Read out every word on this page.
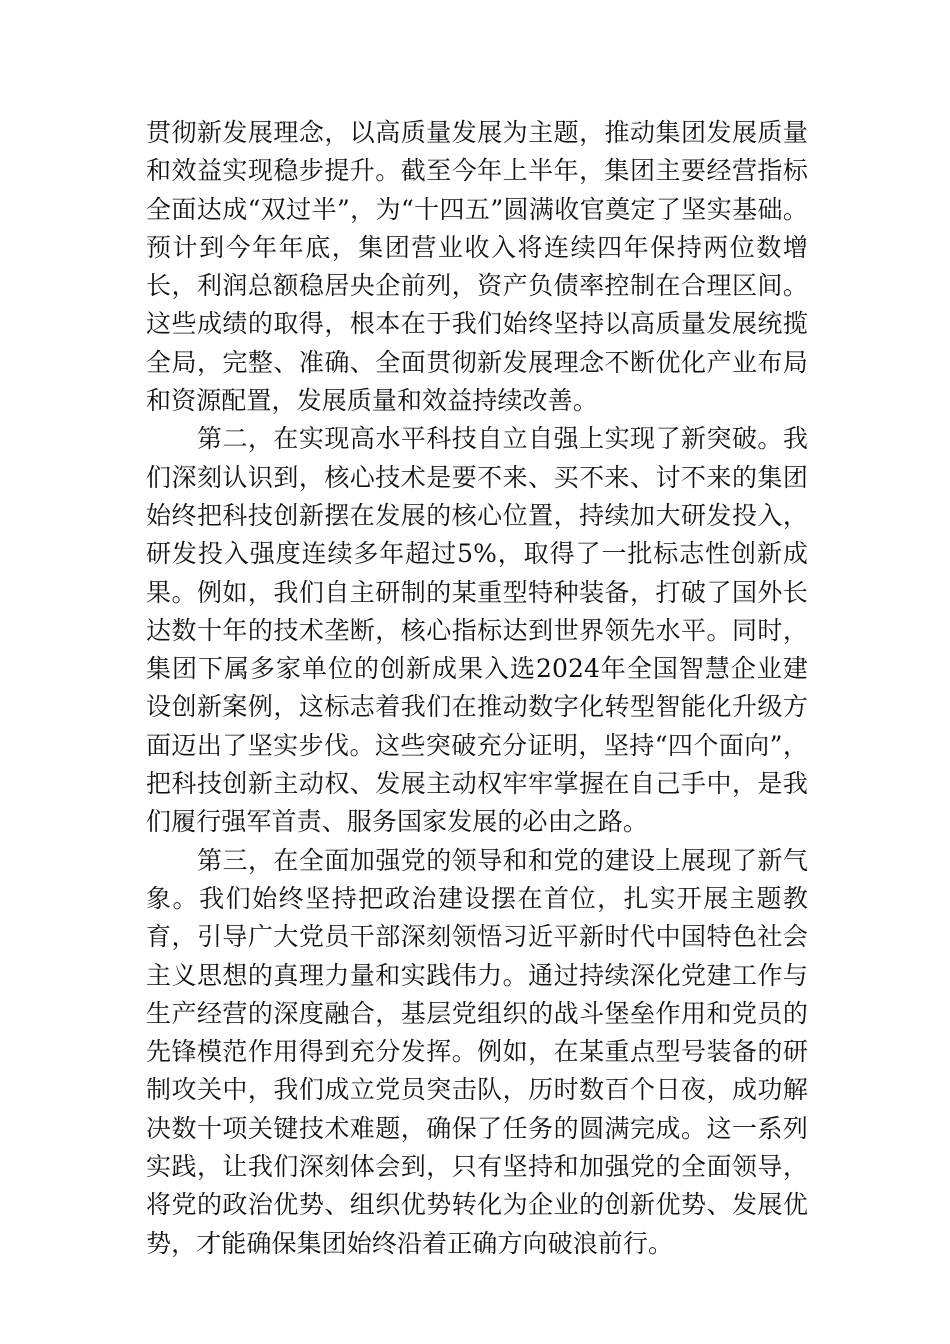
贯彻新发展理念，以高质量发展为主题，推动集团发展质量和效益实现稳步提升。截至今年上半年，集团主要经营指标全面达成“双过半”，为“十四五”圆满收官奠定了坚实基础。预计到今年年底，集团营业收入将连续四年保持两位数增长，利润总额稳居央企前列，资产负债率控制在合理区间。这些成绩的取得，根本在于我们始终坚持以高质量发展统揽全局，完整、准确、全面贯彻新发展理念不断优化产业布局和资源配置，发展质量和效益持续改善。

第二，在实现高水平科技自立自强上实现了新突破。我们深刻认识到，核心技术是要不来、买不来、讨不来的集团始终把科技创新摆在发展的核心位置，持续加大研发投入，研发投入强度连续多年超过5%，取得了一批标志性创新成果。例如，我们自主研制的某重型特种装备，打破了国外长达数十年的技术垄断，核心指标达到世界领先水平。同时，集团下属多家单位的创新成果入选2024年全国智慧企业建设创新案例，这标志着我们在推动数字化转型智能化升级方面迈出了坚实步伐。这些突破充分证明，坚持“四个面向”，把科技创新主动权、发展主动权牢牢掌握在自己手中，是我们履行强军首责、服务国家发展的必由之路。

第三，在全面加强党的领导和和党的建设上展现了新气象。我们始终坚持把政治建设摆在首位，扎实开展主题教育，引导广大党员干部深刻领悟习近平新时代中国特色社会主义思想的真理力量和实践伟力。通过持续深化党建工作与生产经营的深度融合，基层党组织的战斗堡垒作用和党员的先锋模范作用得到充分发挥。例如，在某重点型号装备的研制攻关中，我们成立党员突击队，历时数百个日夜，成功解决数十项关键技术难题，确保了任务的圆满完成。这一系列实践，让我们深刻体会到，只有坚持和加强党的全面领导，将党的政治优势、组织优势转化为企业的创新优势、发展优势，才能确保集团始终沿着正确方向破浪前行。
